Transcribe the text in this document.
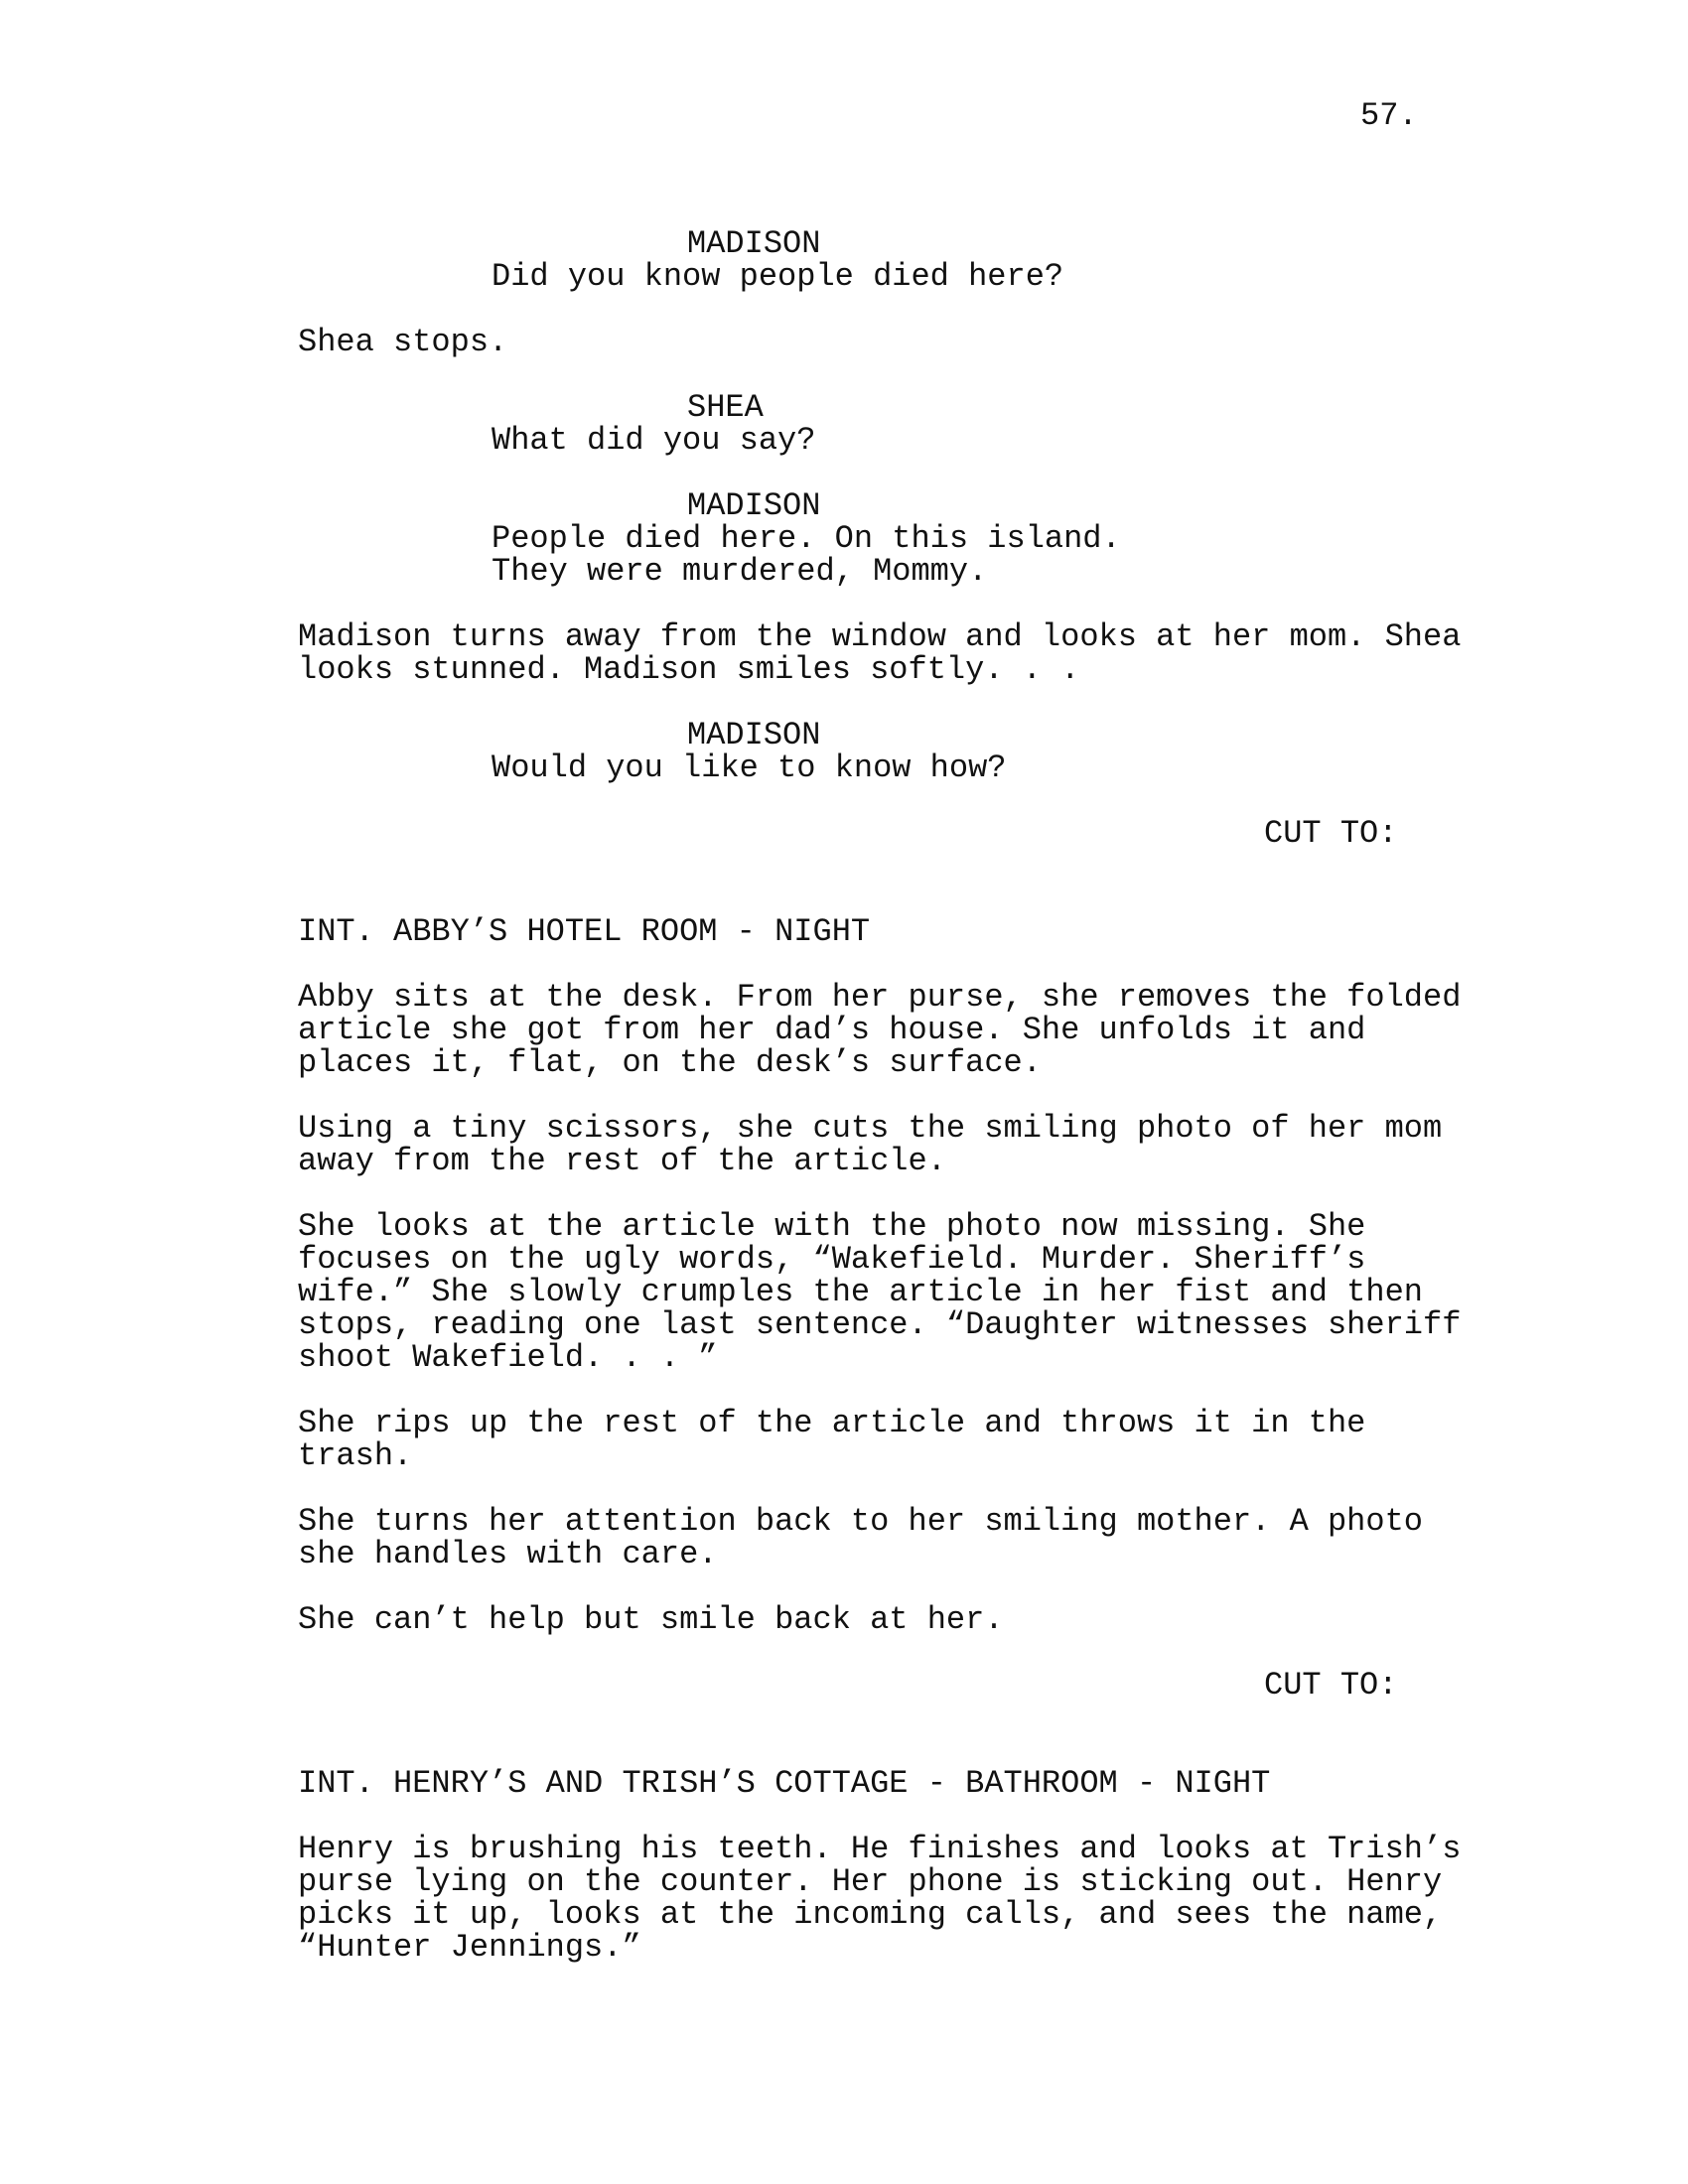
57.
MADISON
Did you know people died here?
Shea stops.
SHEA
What did you say?
MADISON
People died here. On this island.
They were murdered, Mommy.
Madison turns away from the window and looks at her mom. Shea
looks stunned. Madison smiles softly. . .
MADISON
Would you like to know how?
CUT TO:
INT. ABBY’S HOTEL ROOM - NIGHT
Abby sits at the desk. From her purse, she removes the folded
article she got from her dad’s house. She unfolds it and
places it, flat, on the desk’s surface.
Using a tiny scissors, she cuts the smiling photo of her mom
away from the rest of the article.
She looks at the article with the photo now missing. She
focuses on the ugly words, “Wakefield. Murder. Sheriff’s
wife.” She slowly crumples the article in her fist and then
stops, reading one last sentence. “Daughter witnesses sheriff
shoot Wakefield. . . ”
She rips up the rest of the article and throws it in the
trash.
She turns her attention back to her smiling mother. A photo
she handles with care.
She can’t help but smile back at her.
CUT TO:
INT. HENRY’S AND TRISH’S COTTAGE - BATHROOM - NIGHT
Henry is brushing his teeth. He finishes and looks at Trish’s
purse lying on the counter. Her phone is sticking out. Henry
picks it up, looks at the incoming calls, and sees the name,
“Hunter Jennings.”
